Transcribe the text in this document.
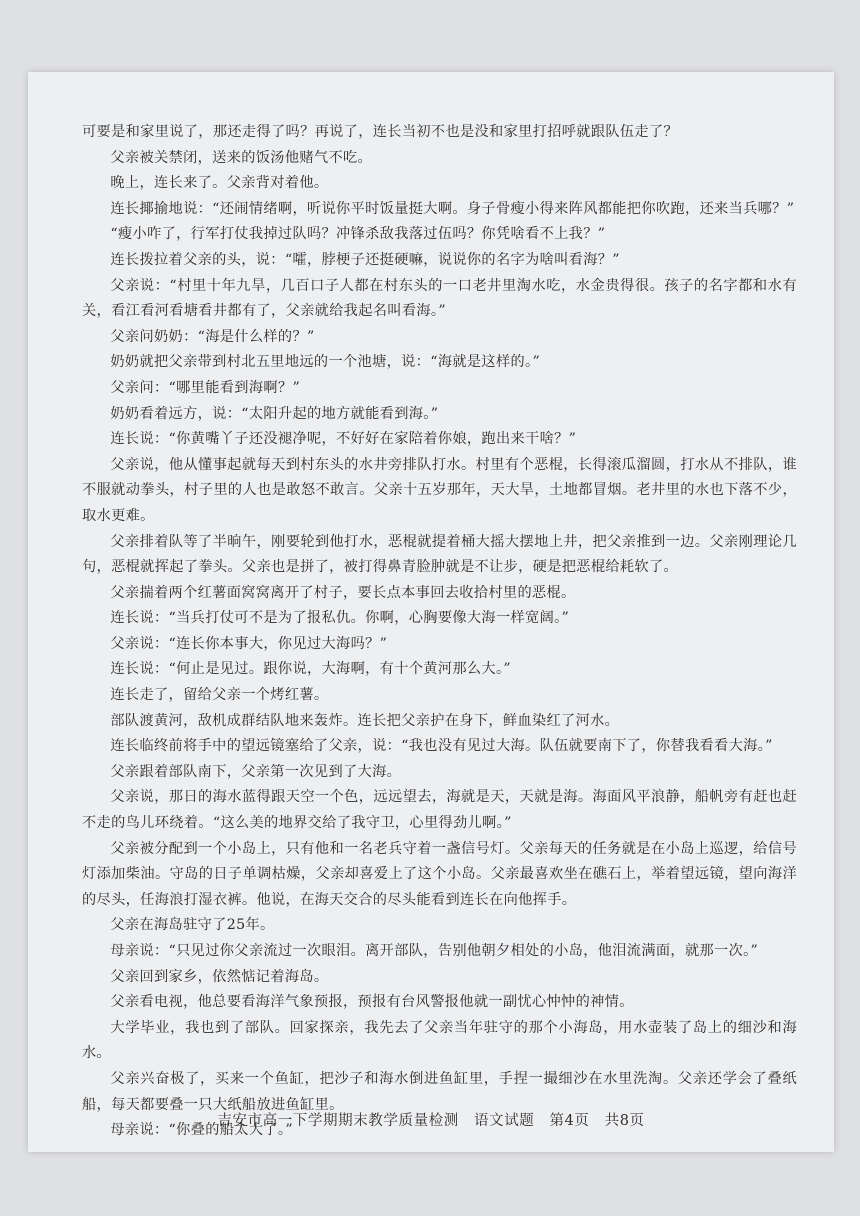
可要是和家里说了，那还走得了吗？再说了，连长当初不也是没和家里打招呼就跟队伍走了？

父亲被关禁闭，送来的饭汤他赌气不吃。

晚上，连长来了。父亲背对着他。

连长揶揄地说：“还闹情绪啊，听说你平时饭量挺大啊。身子骨瘦小得来阵风都能把你吹跑，还来当兵哪？”

“瘦小咋了，行军打仗我掉过队吗？冲锋杀敌我落过伍吗？你凭啥看不上我？”

连长拨拉着父亲的头，说：“嚯，脖梗子还挺硬嘛，说说你的名字为啥叫看海？”

父亲说：“村里十年九旱，几百口子人都在村东头的一口老井里淘水吃，水金贵得很。孩子的名字都和水有关，看江看河看塘看井都有了，父亲就给我起名叫看海。”

父亲问奶奶：“海是什么样的？”

奶奶就把父亲带到村北五里地远的一个池塘，说：“海就是这样的。”

父亲问：“哪里能看到海啊？”

奶奶看着远方，说：“太阳升起的地方就能看到海。”

连长说：“你黄嘴丫子还没褪净呢，不好好在家陪着你娘，跑出来干啥？”

父亲说，他从懂事起就每天到村东头的水井旁排队打水。村里有个恶棍，长得滚瓜溜圆，打水从不排队，谁不服就动拳头，村子里的人也是敢怒不敢言。父亲十五岁那年，天大旱，土地都冒烟。老井里的水也下落不少，取水更难。

父亲排着队等了半晌午，刚要轮到他打水，恶棍就提着桶大摇大摆地上井，把父亲推到一边。父亲刚理论几句，恶棍就挥起了拳头。父亲也是拼了，被打得鼻青脸肿就是不让步，硬是把恶棍给耗软了。

父亲揣着两个红薯面窝窝离开了村子，要长点本事回去收拾村里的恶棍。

连长说：“当兵打仗可不是为了报私仇。你啊，心胸要像大海一样宽阔。”

父亲说：“连长你本事大，你见过大海吗？”

连长说：“何止是见过。跟你说，大海啊，有十个黄河那么大。”

连长走了，留给父亲一个烤红薯。

部队渡黄河，敌机成群结队地来轰炸。连长把父亲护在身下，鲜血染红了河水。

连长临终前将手中的望远镜塞给了父亲，说：“我也没有见过大海。队伍就要南下了，你替我看看大海。”

父亲跟着部队南下，父亲第一次见到了大海。

父亲说，那日的海水蓝得跟天空一个色，远远望去，海就是天，天就是海。海面风平浪静，船帆旁有赶也赶不走的鸟儿环绕着。“这么美的地界交给了我守卫，心里得劲儿啊。”

父亲被分配到一个小岛上，只有他和一名老兵守着一盏信号灯。父亲每天的任务就是在小岛上巡逻，给信号灯添加柴油。守岛的日子单调枯燥，父亲却喜爱上了这个小岛。父亲最喜欢坐在礁石上，举着望远镜，望向海洋的尽头，任海浪打湿衣裤。他说，在海天交合的尽头能看到连长在向他挥手。

父亲在海岛驻守了25年。

母亲说：“只见过你父亲流过一次眼泪。离开部队，告别他朝夕相处的小岛，他泪流满面，就那一次。”

父亲回到家乡，依然惦记着海岛。

父亲看电视，他总要看海洋气象预报，预报有台风警报他就一副忧心忡忡的神情。

大学毕业，我也到了部队。回家探亲，我先去了父亲当年驻守的那个小海岛，用水壶装了岛上的细沙和海水。

父亲兴奋极了，买来一个鱼缸，把沙子和海水倒进鱼缸里，手捏一撮细沙在水里洗淘。父亲还学会了叠纸船，每天都要叠一只大纸船放进鱼缸里。

母亲说：“你叠的船太大了。”

吉安市高一下学期期末教学质量检测　语文试题　第4页　共8页
